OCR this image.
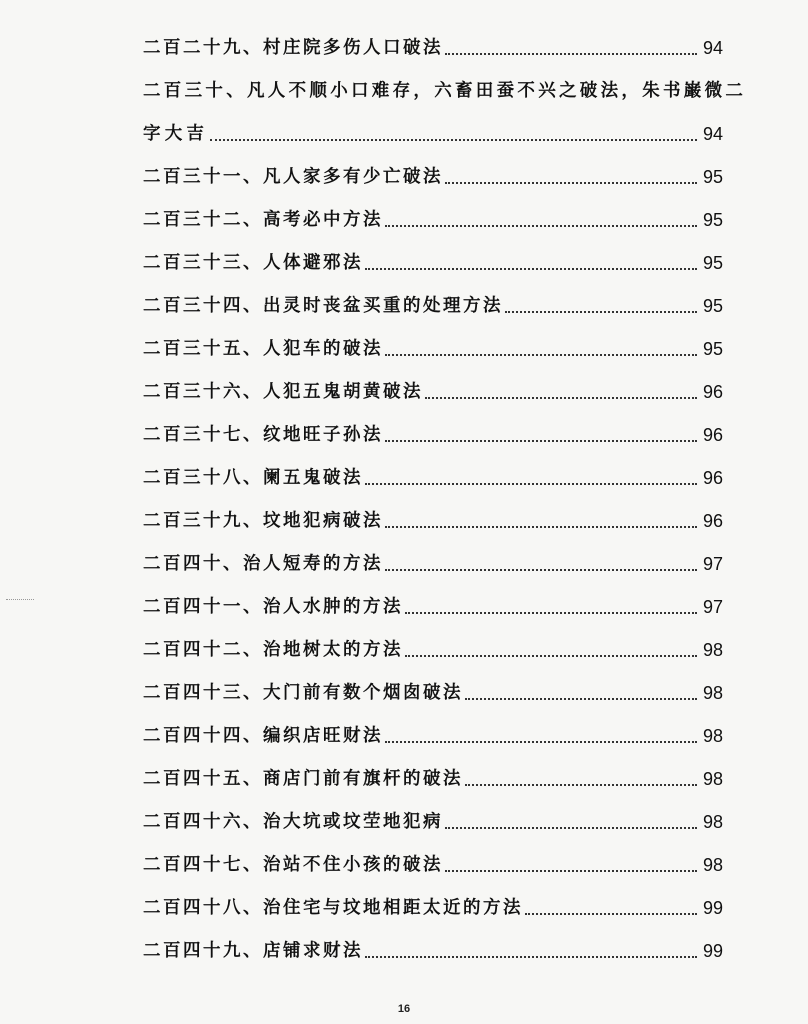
二百二十九、村庄院多伤人口破法	94
二百三十、凡人不顺小口难存，六畜田蚕不兴之破法，朱书巌微二
字大吉	94
二百三十一、凡人家多有少亡破法	95
二百三十二、高考必中方法	95
二百三十三、人体避邪法	95
二百三十四、出灵时丧盆买重的处理方法	95
二百三十五、人犯车的破法	95
二百三十六、人犯五鬼胡黄破法	96
二百三十七、纹地旺子孙法	96
二百三十八、阑五鬼破法	96
二百三十九、坟地犯病破法	96
二百四十、治人短寿的方法	97
二百四十一、治人水肿的方法	97
二百四十二、治地树太的方法	98
二百四十三、大门前有数个烟囱破法	98
二百四十四、编织店旺财法	98
二百四十五、商店门前有旗杆的破法	98
二百四十六、治大坑或坟茔地犯病	98
二百四十七、治站不住小孩的破法	98
二百四十八、治住宅与坟地相距太近的方法	99
二百四十九、店铺求财法	99
16
